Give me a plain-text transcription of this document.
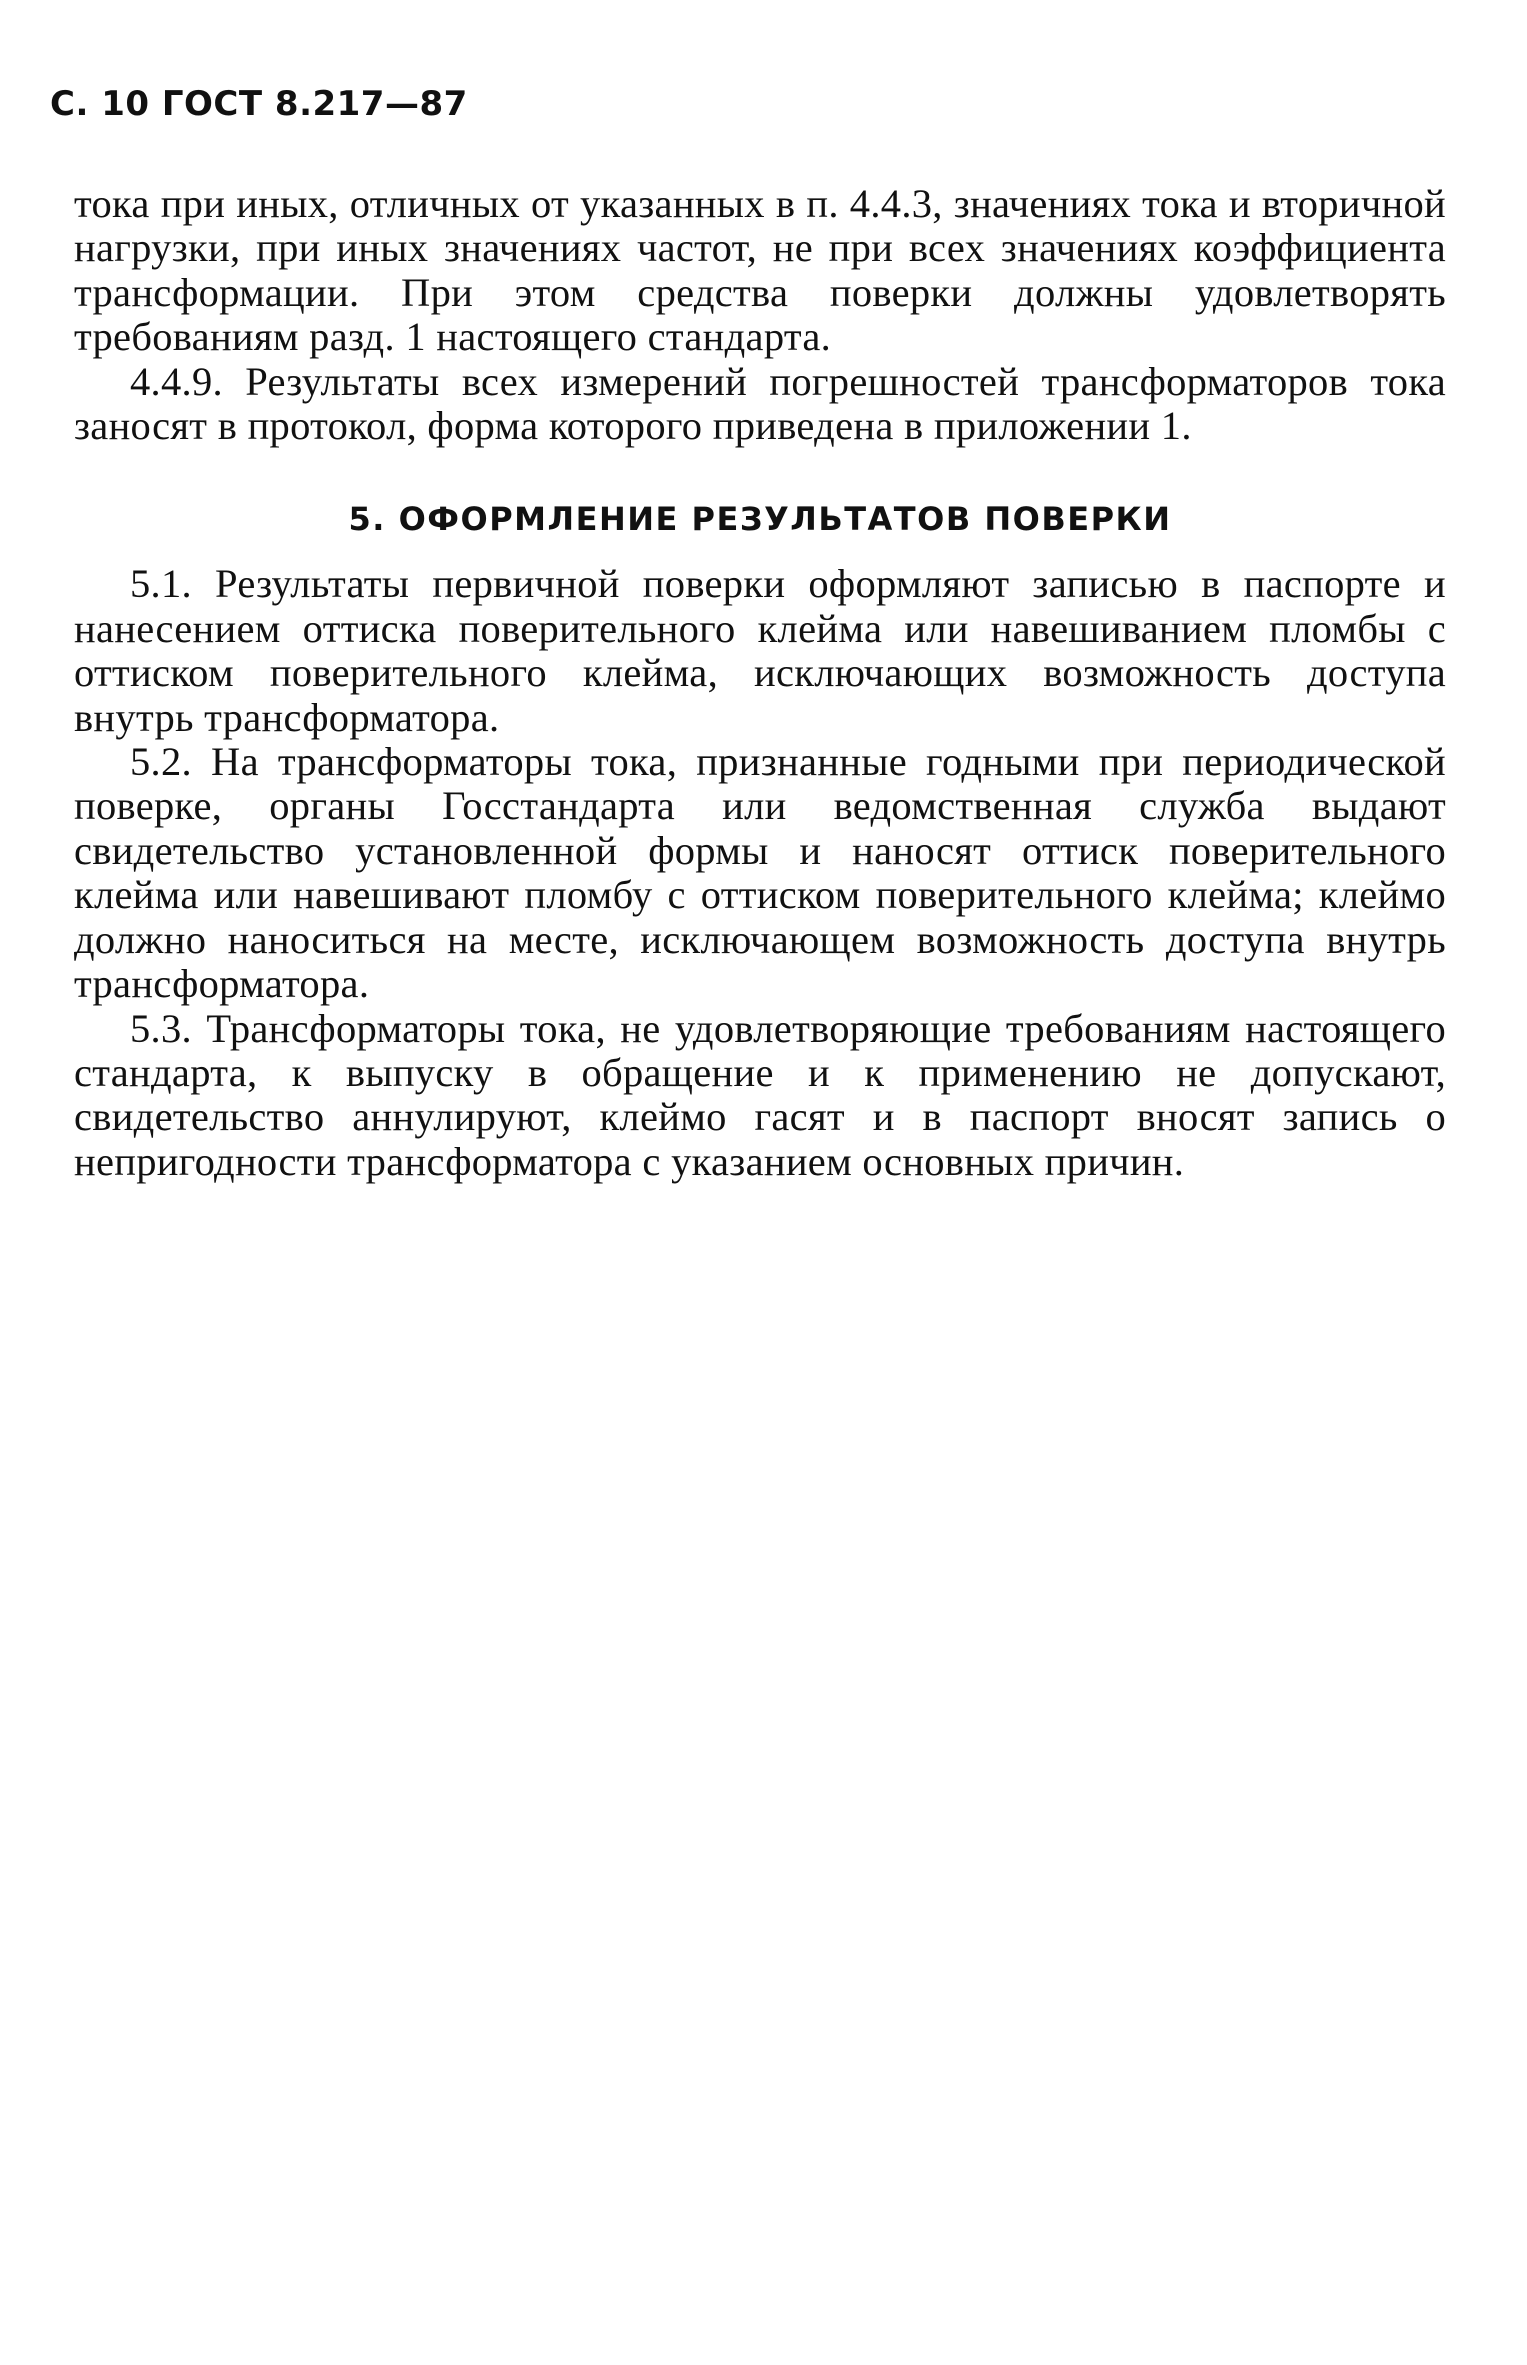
С. 10 ГОСТ 8.217—87

тока при иных, отличных от указанных в п. 4.4.3, значениях тока и вторичной нагрузки, при иных значениях частот, не при всех значениях коэффициента трансформации. При этом средства поверки должны удовлетворять требованиям разд. 1 настоящего стандарта.

4.4.9. Результаты всех измерений погрешностей трансформаторов тока заносят в протокол, форма которого приведена в приложении 1.

5. ОФОРМЛЕНИЕ РЕЗУЛЬТАТОВ ПОВЕРКИ

5.1. Результаты первичной поверки оформляют записью в паспорте и нанесением оттиска поверительного клейма или навешиванием пломбы с оттиском поверительного клейма, исключающих возможность доступа внутрь трансформатора.

5.2. На трансформаторы тока, признанные годными при периодической поверке, органы Госстандарта или ведомственная служба выдают свидетельство установленной формы и наносят оттиск поверительного клейма или навешивают пломбу с оттиском поверительного клейма; клеймо должно наноситься на месте, исключающем возможность доступа внутрь трансформатора.

5.3. Трансформаторы тока, не удовлетворяющие требованиям настоящего стандарта, к выпуску в обращение и к применению не допускают, свидетельство аннулируют, клеймо гасят и в паспорт вносят запись о непригодности трансформатора с указанием основных причин.
